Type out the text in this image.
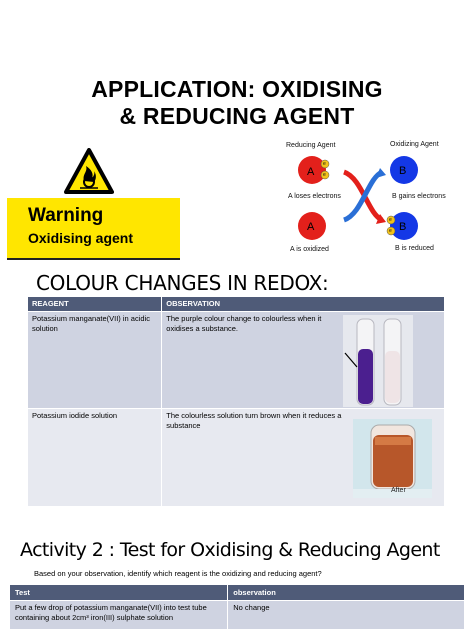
APPLICATION: OXIDISING
& REDUCING AGENT
Warning
Oxidising agent
Reducing Agent	Oxidizing Agent
A	B
A	B
e
e
e
e
A loses electrons	B gains electrons
A is oxidized	B is reduced
COLOUR CHANGES IN REDOX:
REAGENT	OBSERVATION
Potassium manganate(VII) in acidic solution	The purple colour change to colourless when it oxidises a substance.

Potassium iodide solution	The colourless solution turn brown when it reduces a substance
After
Activity 2 : Test for Oxidising & Reducing Agent
Based on your observation, identify which reagent is the oxidizing and reducing agent?
Test	observation
Put a few drop of potassium manganate(VII) into test tube containing about 2cm³ iron(III) sulphate solution	No change
